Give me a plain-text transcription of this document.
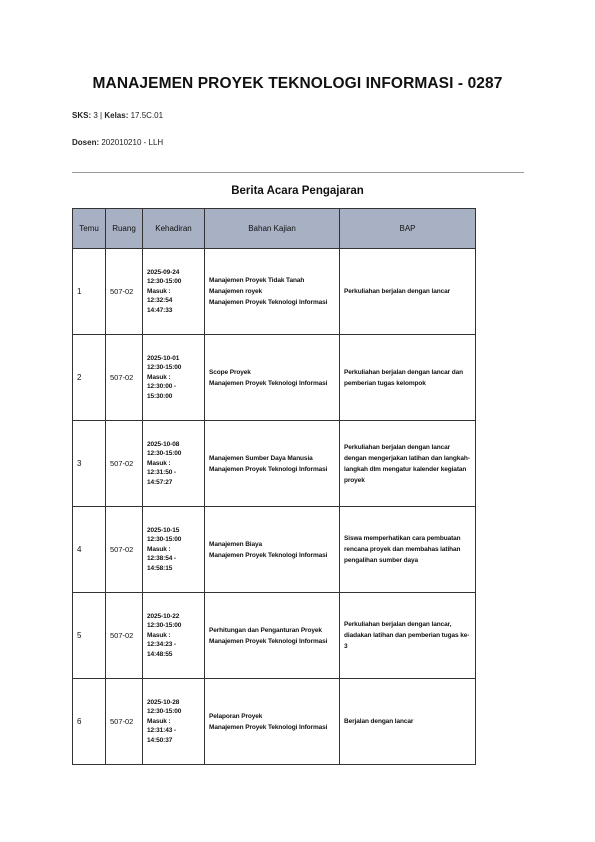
MANAJEMEN PROYEK TEKNOLOGI INFORMASI - 0287
SKS: 3 | Kelas: 17.5C.01
Dosen: 202010210 - LLH
Berita Acara Pengajaran
Temu	Ruang	Kehadiran	Bahan Kajian	BAP
1	507-02	2025-09-24
12:30-15:00
Masuk :
12:32:54
14:47:33	Manajemen Proyek Tidak Tanah
Manajemen royek
Manajemen Proyek Teknologi Informasi	Perkuliahan berjalan dengan lancar
2	507-02	2025-10-01
12:30-15:00
Masuk :
12:30:00 -
15:30:00	Scope Proyek
Manajemen Proyek Teknologi Informasi	Perkuliahan berjalan dengan lancar dan pemberian tugas kelompok
3	507-02	2025-10-08
12:30-15:00
Masuk :
12:31:50 -
14:57:27	Manajemen Sumber Daya Manusia
Manajemen Proyek Teknologi Informasi	Perkuliahan berjalan dengan lancar dengan mengerjakan latihan dan langkah-langkah dlm mengatur kalender kegiatan proyek
4	507-02	2025-10-15
12:30-15:00
Masuk :
12:38:54 -
14:58:15	Manajemen Biaya
Manajemen Proyek Teknologi Informasi	Siswa memperhatikan cara pembuatan rencana proyek dan membahas latihan pengalihan sumber daya
5	507-02	2025-10-22
12:30-15:00
Masuk :
12:34:23 -
14:48:55	Perhitungan dan Penganturan Proyek
Manajemen Proyek Teknologi Informasi	Perkuliahan berjalan dengan lancar, diadakan latihan dan pemberian tugas ke-3
6	507-02	2025-10-28
12:30-15:00
Masuk :
12:31:43 -
14:50:37	Pelaporan Proyek
Manajemen Proyek Teknologi Informasi	Berjalan dengan lancar
